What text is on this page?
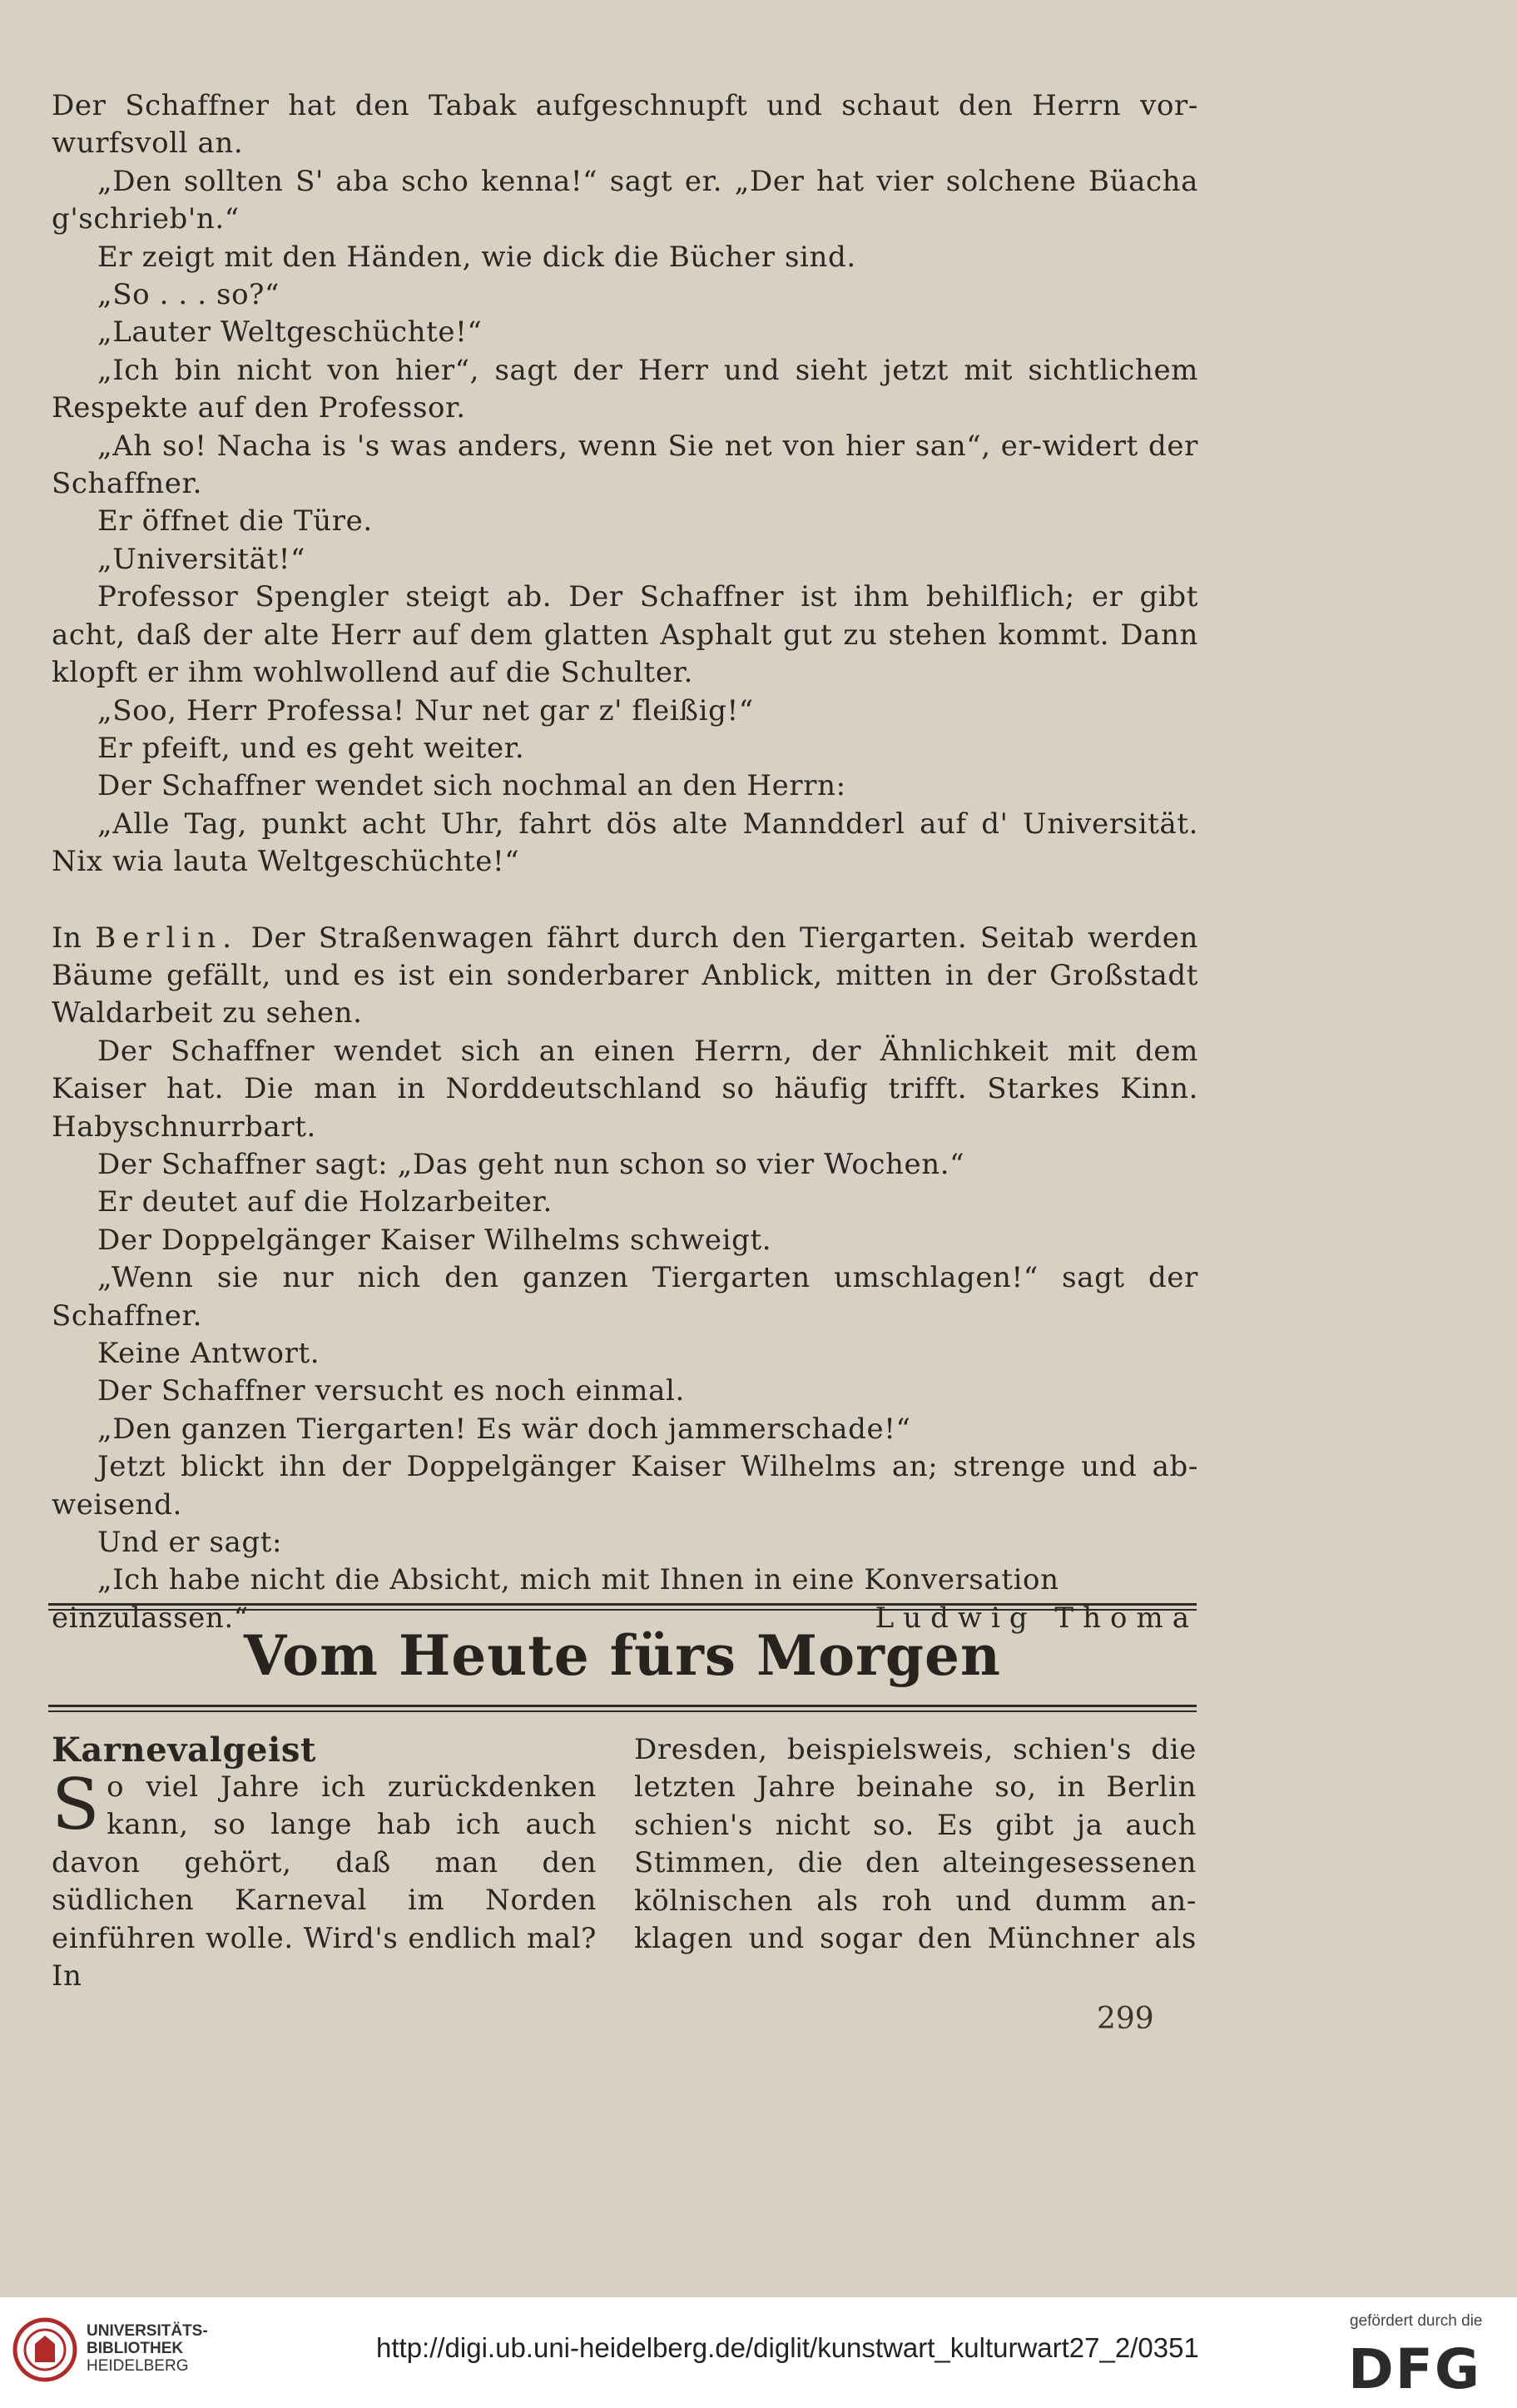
Der Schaffner hat den Tabak aufgeschnupft und schaut den Herrn vor-wurfsvoll an.

„Den sollten S' aba scho kenna!“ sagt er. „Der hat vier solchene Büacha g'schrieb'n.“

Er zeigt mit den Händen, wie dick die Bücher sind.

„So . . . so?“

„Lauter Weltgeschüchte!“

„Ich bin nicht von hier“, sagt der Herr und sieht jetzt mit sichtlichem Respekte auf den Professor.

„Ah so! Nacha is 's was anders, wenn Sie net von hier san“, er-widert der Schaffner.

Er öffnet die Türe.

„Universität!“

Professor Spengler steigt ab. Der Schaffner ist ihm behilflich; er gibt acht, daß der alte Herr auf dem glatten Asphalt gut zu stehen kommt. Dann klopft er ihm wohlwollend auf die Schulter.

„Soo, Herr Professa! Nur net gar z' fleißig!“

Er pfeift, und es geht weiter.

Der Schaffner wendet sich nochmal an den Herrn:

„Alle Tag, punkt acht Uhr, fahrt dös alte Manndderl auf d' Universität. Nix wia lauta Weltgeschüchte!“

In Berlin. Der Straßenwagen fährt durch den Tiergarten. Seitab werden Bäume gefällt, und es ist ein sonderbarer Anblick, mitten in der Großstadt Waldarbeit zu sehen.

Der Schaffner wendet sich an einen Herrn, der Ähnlichkeit mit dem Kaiser hat. Die man in Norddeutschland so häufig trifft. Starkes Kinn. Habyschnurrbart.

Der Schaffner sagt: „Das geht nun schon so vier Wochen.“

Er deutet auf die Holzarbeiter.

Der Doppelgänger Kaiser Wilhelms schweigt.

„Wenn sie nur nich den ganzen Tiergarten umschlagen!“ sagt der Schaffner.

Keine Antwort.

Der Schaffner versucht es noch einmal.

„Den ganzen Tiergarten! Es wär doch jammerschade!“

Jetzt blickt ihn der Doppelgänger Kaiser Wilhelms an; strenge und ab-weisend.

Und er sagt:

„Ich habe nicht die Absicht, mich mit Ihnen in eine Konversation

einzulassen.“	Ludwig Thoma

Vom Heute fürs Morgen

Karnevalgeist

So viel Jahre ich zurückdenken kann, so lange hab ich auch davon gehört, daß man den südlichen Karneval im Norden einführen wolle. Wird's endlich mal? In

Dresden, beispielsweis, schien's die letzten Jahre beinahe so, in Berlin schien's nicht so. Es gibt ja auch Stimmen, die den alteingesessenen kölnischen als roh und dumm an-klagen und sogar den Münchner als

299
UNIVERSITÄTS-
BIBLIOTHEK
HEIDELBERG
http://digi.ub.uni-heidelberg.de/diglit/kunstwart_kulturwart27_2/0351
gefördert durch die
DFG
